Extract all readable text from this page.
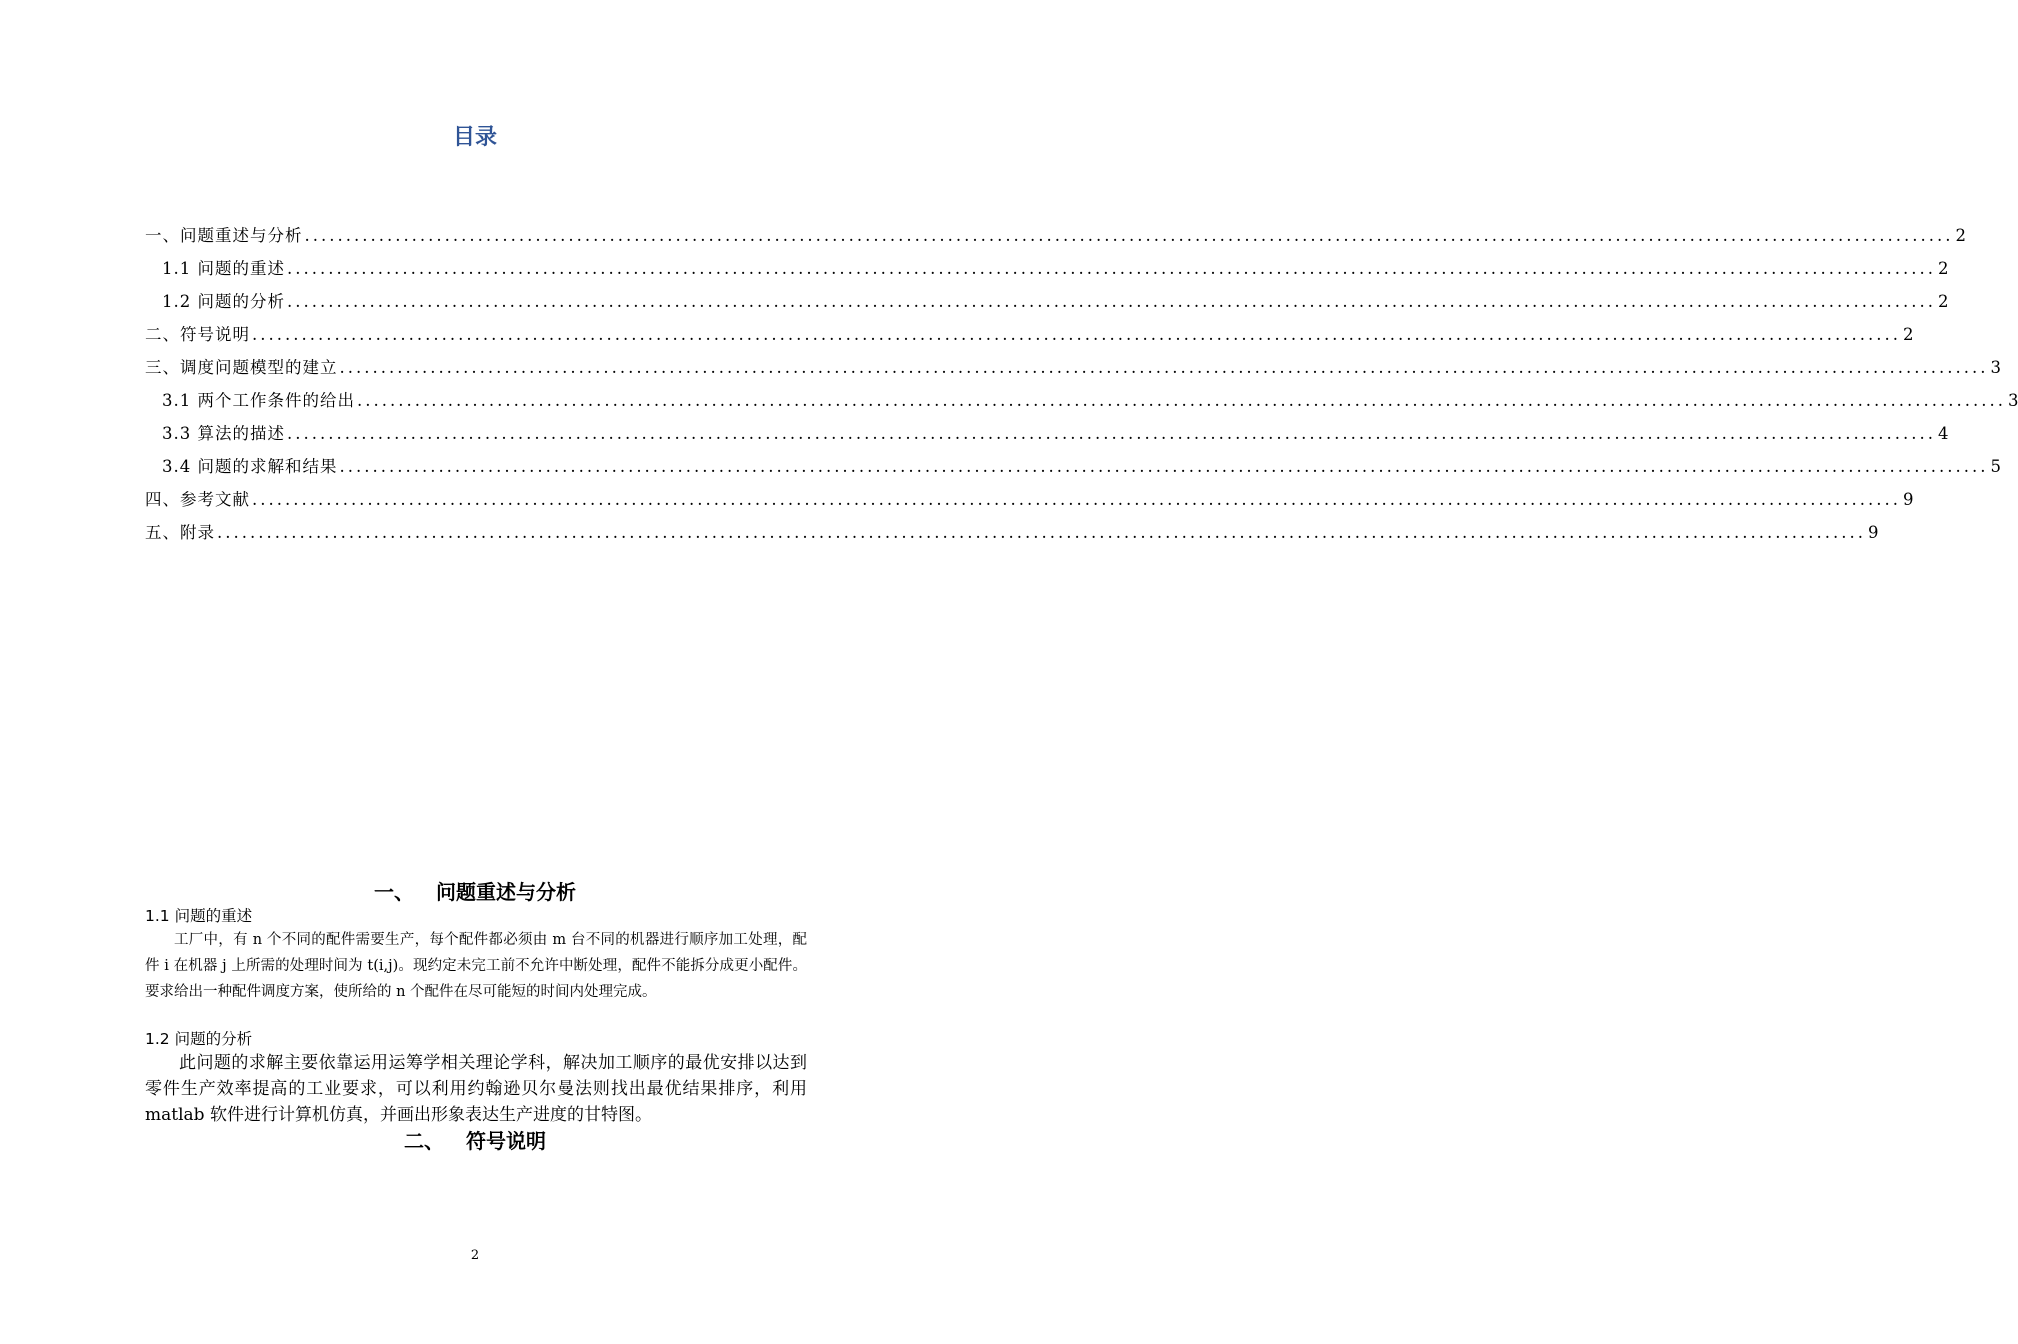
目录
一、问题重述与分析 ........................................................................................................................................................................................................ 2
1.1 问题的重述 ........................................................................................................................................................................................................ 2
1.2 问题的分析 ........................................................................................................................................................................................................ 2
二、符号说明 ........................................................................................................................................................................................................ 2
三、调度问题模型的建立 ........................................................................................................................................................................................................ 3
3.1 两个工作条件的给出 ........................................................................................................................................................................................................ 3
3.3 算法的描述 ........................................................................................................................................................................................................ 4
3.4 问题的求解和结果 ........................................................................................................................................................................................................ 5
四、参考文献 ........................................................................................................................................................................................................ 9
五、附录 ........................................................................................................................................................................................................ 9
一、 问题重述与分析
1.1 问题的重述
工厂中，有 n 个不同的配件需要生产，每个配件都必须由 m 台不同的机器进行顺序加工处理，配件 i 在机器 j 上所需的处理时间为 t(i,j)。现约定未完工前不允许中断处理，配件不能拆分成更小配件。要求给出一种配件调度方案，使所给的 n 个配件在尽可能短的时间内处理完成。
1.2 问题的分析
此问题的求解主要依靠运用运筹学相关理论学科，解决加工顺序的最优安排以达到零件生产效率提高的工业要求，可以利用约翰逊贝尔曼法则找出最优结果排序，利用 matlab 软件进行计算机仿真，并画出形象表达生产进度的甘特图。
二、 符号说明
2
